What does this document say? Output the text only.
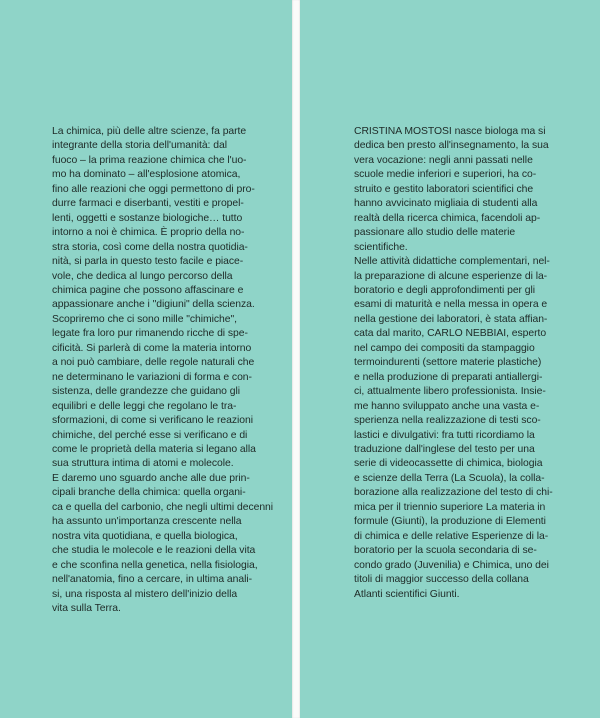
La chimica, più delle altre scienze, fa parte
integrante della storia dell'umanità: dal
fuoco – la prima reazione chimica che l'uo-
mo ha dominato – all'esplosione atomica,
fino alle reazioni che oggi permettono di pro-
durre farmaci e diserbanti, vestiti e propel-
lenti, oggetti e sostanze biologiche… tutto
intorno a noi è chimica. È proprio della no-
stra storia, così come della nostra quotidia-
nità, si parla in questo testo facile e piace-
vole, che dedica al lungo percorso della
chimica pagine che possono affascinare e
appassionare anche i "digiuni" della scienza.
Scopriremo che ci sono mille "chimiche",
legate fra loro pur rimanendo ricche di spe-
cificità. Si parlerà di come la materia intorno
a noi può cambiare, delle regole naturali che
ne determinano le variazioni di forma e con-
sistenza, delle grandezze che guidano gli
equilibri e delle leggi che regolano le tra-
sformazioni, di come si verificano le reazioni
chimiche, del perché esse si verificano e di
come le proprietà della materia si legano alla
sua struttura intima di atomi e molecole.
E daremo uno sguardo anche alle due prin-
cipali branche della chimica: quella organi-
ca e quella del carbonio, che negli ultimi decenni
ha assunto un'importanza crescente nella
nostra vita quotidiana, e quella biologica,
che studia le molecole e le reazioni della vita
e che sconfina nella genetica, nella fisiologia,
nell'anatomia, fino a cercare, in ultima anali-
si, una risposta al mistero dell'inizio della
vita sulla Terra.
CRISTINA MOSTOSI nasce biologa ma si
dedica ben presto all'insegnamento, la sua
vera vocazione: negli anni passati nelle
scuole medie inferiori e superiori, ha co-
struito e gestito laboratori scientifici che
hanno avvicinato migliaia di studenti alla
realtà della ricerca chimica, facendoli ap-
passionare allo studio delle materie
scientifiche.
Nelle attività didattiche complementari, nel-
la preparazione di alcune esperienze di la-
boratorio e degli approfondimenti per gli
esami di maturità e nella messa in opera e
nella gestione dei laboratori, è stata affian-
cata dal marito, CARLO NEBBIAI, esperto
nel campo dei compositi da stampaggio
termoindurenti (settore materie plastiche)
e nella produzione di preparati antiallergi-
ci, attualmente libero professionista. Insie-
me hanno sviluppato anche una vasta e-
sperienza nella realizzazione di testi sco-
lastici e divulgativi: fra tutti ricordiamo la
traduzione dall'inglese del testo per una
serie di videocassette di chimica, biologia
e scienze della Terra (La Scuola), la colla-
borazione alla realizzazione del testo di chi-
mica per il triennio superiore La materia in
formule (Giunti), la produzione di Elementi
di chimica e delle relative Esperienze di la-
boratorio per la scuola secondaria di se-
condo grado (Juvenilia) e Chimica, uno dei
titoli di maggior successo della collana
Atlanti scientifici Giunti.
